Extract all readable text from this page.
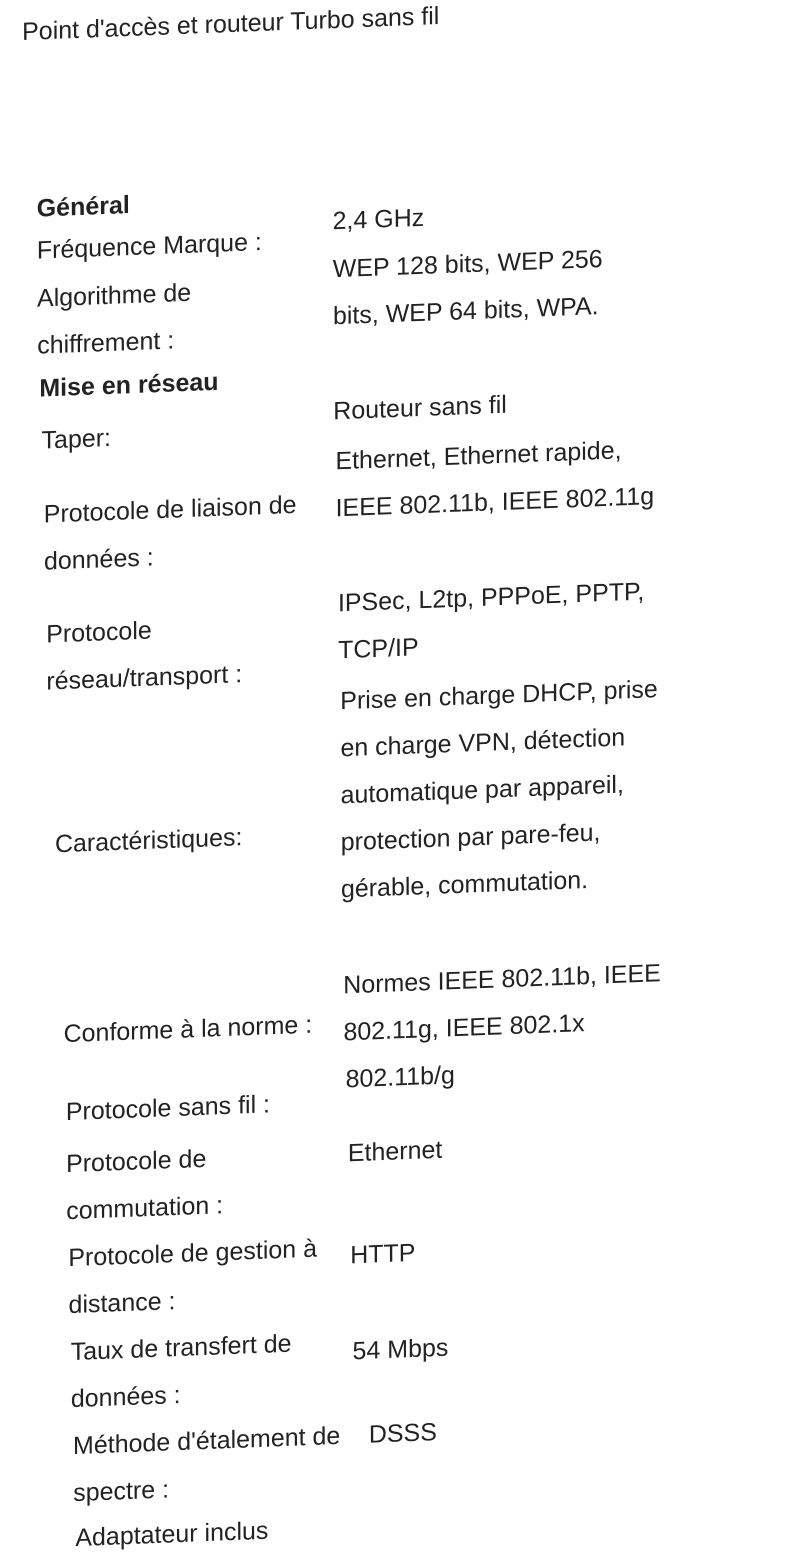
Point d'accès et routeur Turbo sans fil
Général
Fréquence Marque :
2,4 GHz
Algorithme de chiffrement :
WEP 128 bits, WEP 256 bits, WEP 64 bits, WPA.
Mise en réseau
Taper:
Routeur sans fil
Protocole de liaison de données :
Ethernet, Ethernet rapide, IEEE 802.11b, IEEE 802.11g
Protocole réseau/transport :
IPSec, L2tp, PPPoE, PPTP, TCP/IP
Caractéristiques:
Prise en charge DHCP, prise en charge VPN, détection automatique par appareil, protection par pare-feu, gérable, commutation.
Conforme à la norme :
Normes IEEE 802.11b, IEEE 802.11g, IEEE 802.1x
Protocole sans fil :
802.11b/g
Protocole de commutation :
Ethernet
Protocole de gestion à distance :
HTTP
Taux de transfert de données :
54 Mbps
Méthode d'étalement de spectre :
DSSS
Adaptateur inclus
